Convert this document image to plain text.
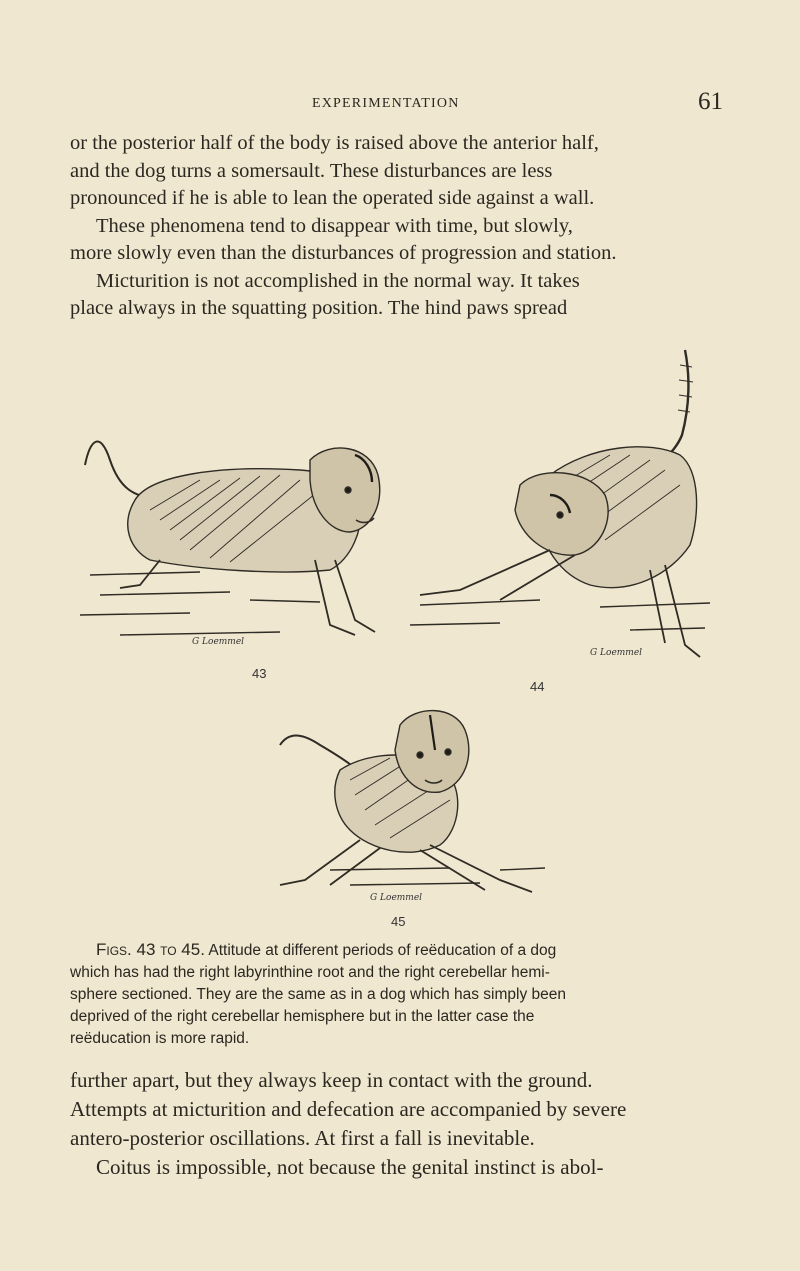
EXPERIMENTATION	61

or the posterior half of the body is raised above the anterior half,
and the dog turns a somersault. These disturbances are less
pronounced if he is able to lean the operated side against a wall.
These phenomena tend to disappear with time, but slowly,
more slowly even than the disturbances of progression and station.
Micturition is not accomplished in the normal way. It takes
place always in the squatting position. The hind paws spread

G Loemmel
43
G Loemmel
44
G Loemmel
45

Figs. 43 to 45. Attitude at different periods of reëducation of a dog
which has had the right labyrinthine root and the right cerebellar hemi-
sphere sectioned. They are the same as in a dog which has simply been
deprived of the right cerebellar hemisphere but in the latter case the
reëducation is more rapid.

further apart, but they always keep in contact with the ground.
Attempts at micturition and defecation are accompanied by severe
antero-posterior oscillations. At first a fall is inevitable.
Coitus is impossible, not because the genital instinct is abol-
